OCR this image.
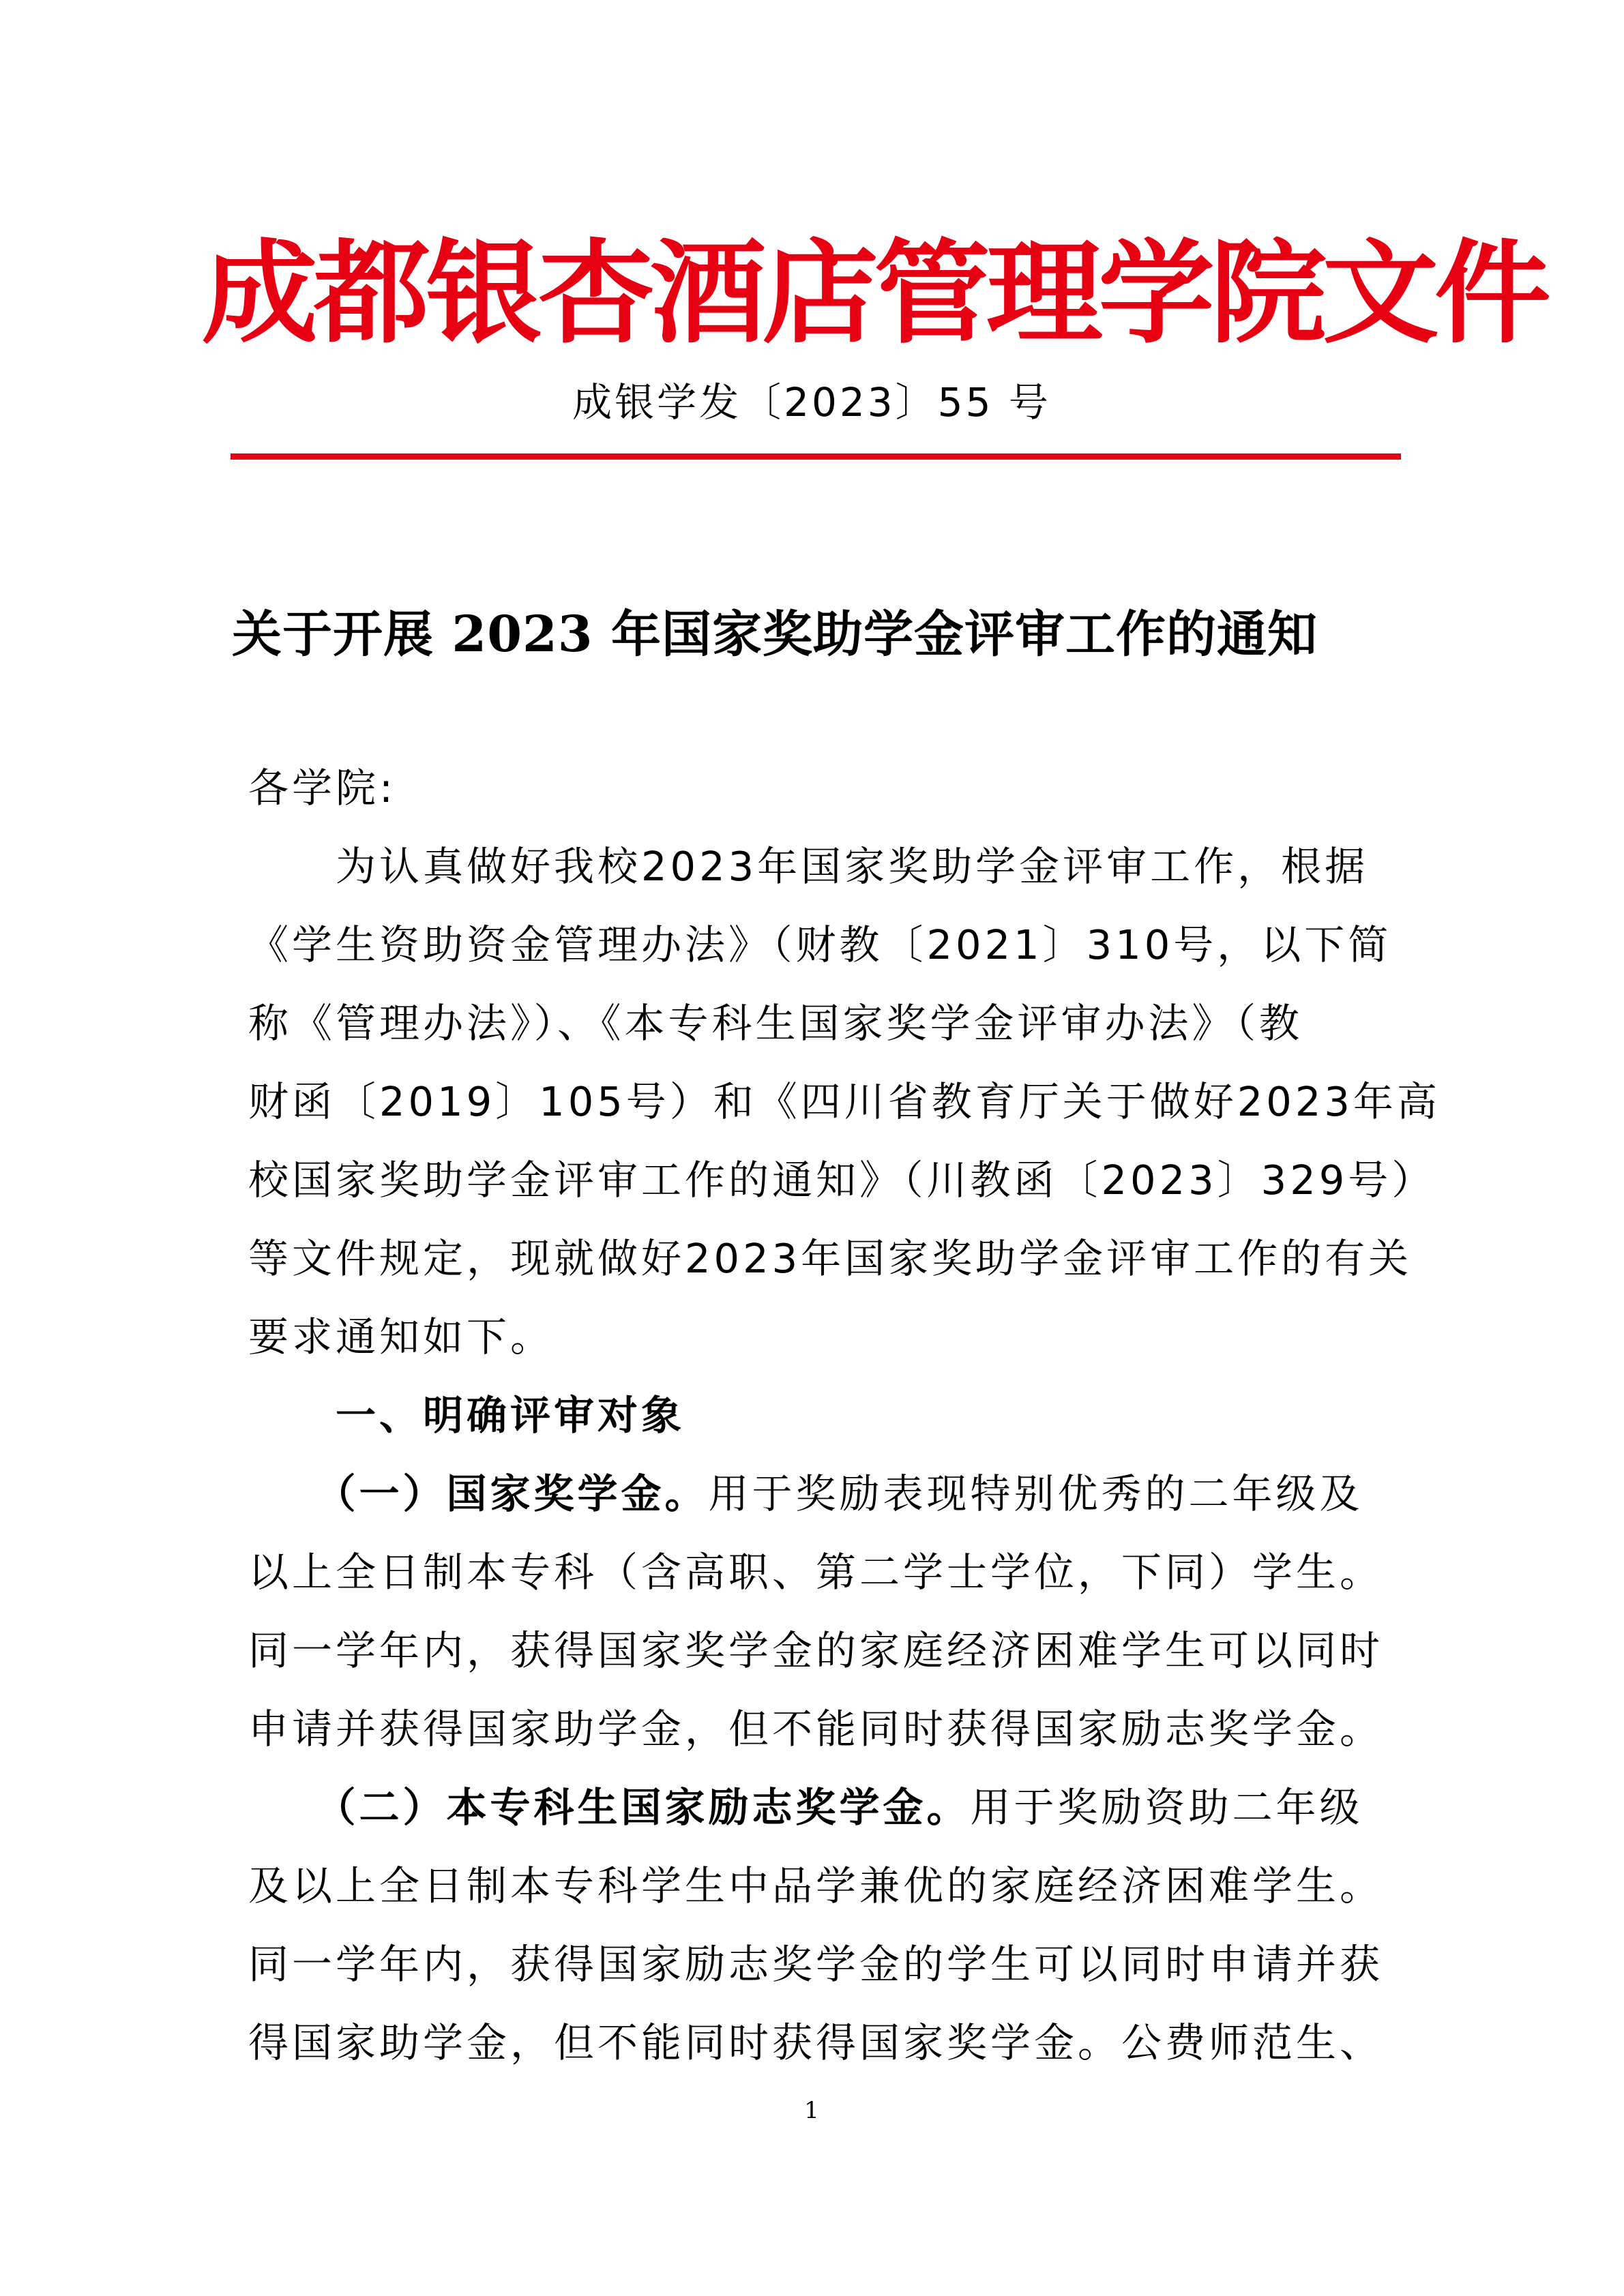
成都银杏酒店管理学院文件
成银学发〔2023〕55 号
关于开展 2023 年国家奖助学金评审工作的通知
各学院:
　　为认真做好我校2023年国家奖助学金评审工作，根据
《学生资助资金管理办法》（财教〔2021〕310号，以下简
称《管理办法》）、《本专科生国家奖学金评审办法》（教
财函〔2019〕105号）和《四川省教育厅关于做好2023年高
校国家奖助学金评审工作的通知》（川教函〔2023〕329号）
等文件规定，现就做好2023年国家奖助学金评审工作的有关
要求通知如下。
　　一、明确评审对象
　　（一）国家奖学金。用于奖励表现特别优秀的二年级及
以上全日制本专科（含高职、第二学士学位，下同）学生。
同一学年内，获得国家奖学金的家庭经济困难学生可以同时
申请并获得国家助学金，但不能同时获得国家励志奖学金。
　　（二）本专科生国家励志奖学金。用于奖励资助二年级
及以上全日制本专科学生中品学兼优的家庭经济困难学生。
同一学年内，获得国家励志奖学金的学生可以同时申请并获
得国家助学金，但不能同时获得国家奖学金。公费师范生、
1
